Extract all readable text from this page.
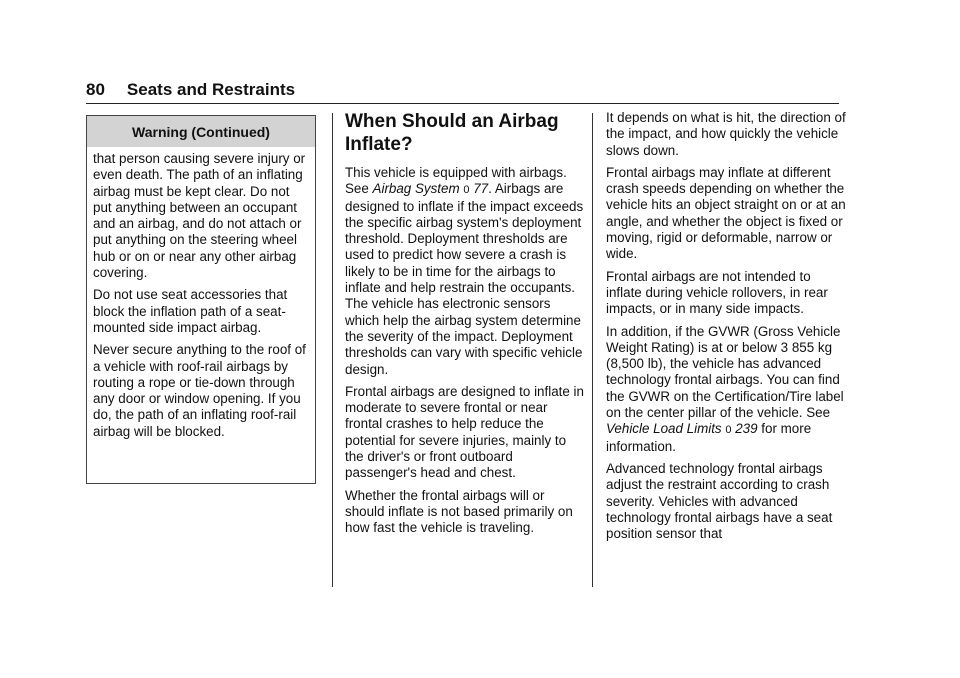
80 Seats and Restraints
Warning (Continued)

that person causing severe injury or even death. The path of an inflating airbag must be kept clear. Do not put anything between an occupant and an airbag, and do not attach or put anything on the steering wheel hub or on or near any other airbag covering.

Do not use seat accessories that block the inflation path of a seat-mounted side impact airbag.

Never secure anything to the roof of a vehicle with roof-rail airbags by routing a rope or tie-down through any door or window opening. If you do, the path of an inflating roof-rail airbag will be blocked.

When Should an Airbag Inflate?

This vehicle is equipped with airbags. See Airbag System 0 77. Airbags are designed to inflate if the impact exceeds the specific airbag system's deployment threshold. Deployment thresholds are used to predict how severe a crash is likely to be in time for the airbags to inflate and help restrain the occupants. The vehicle has electronic sensors which help the airbag system determine the severity of the impact. Deployment thresholds can vary with specific vehicle design.

Frontal airbags are designed to inflate in moderate to severe frontal or near frontal crashes to help reduce the potential for severe injuries, mainly to the driver's or front outboard passenger's head and chest.

Whether the frontal airbags will or should inflate is not based primarily on how fast the vehicle is traveling.

It depends on what is hit, the direction of the impact, and how quickly the vehicle slows down.

Frontal airbags may inflate at different crash speeds depending on whether the vehicle hits an object straight on or at an angle, and whether the object is fixed or moving, rigid or deformable, narrow or wide.

Frontal airbags are not intended to inflate during vehicle rollovers, in rear impacts, or in many side impacts.

In addition, if the GVWR (Gross Vehicle Weight Rating) is at or below 3 855 kg (8,500 lb), the vehicle has advanced technology frontal airbags. You can find the GVWR on the Certification/Tire label on the center pillar of the vehicle. See Vehicle Load Limits 0 239 for more information.

Advanced technology frontal airbags adjust the restraint according to crash severity. Vehicles with advanced technology frontal airbags have a seat position sensor that
